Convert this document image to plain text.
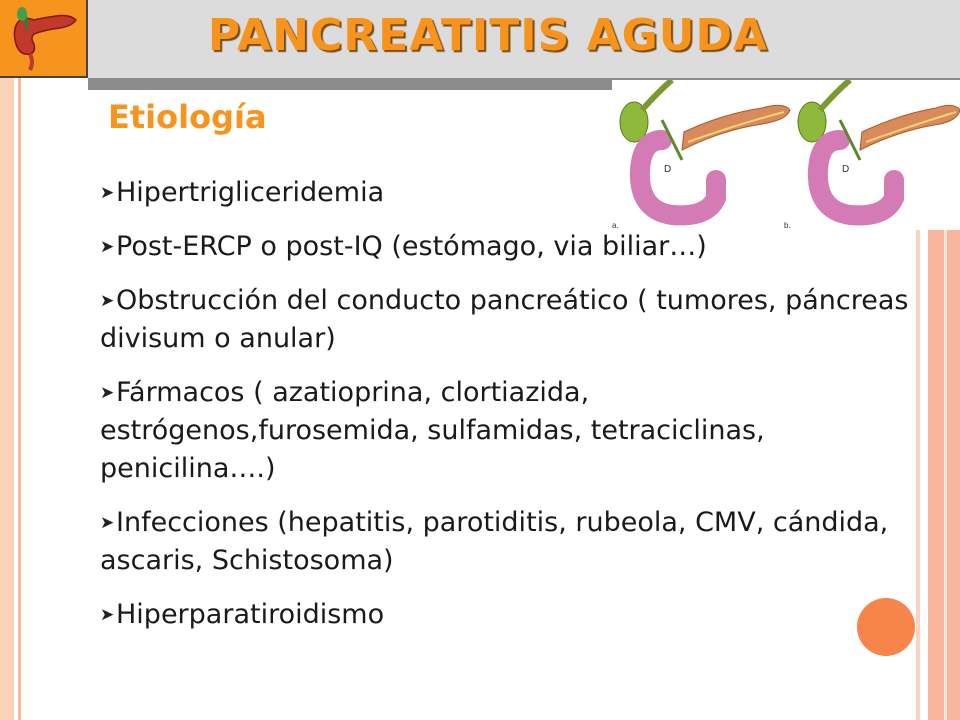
PANCREATITIS AGUDA
Etiología
D
a.
D
b.
➤Hipertrigliceridemia
➤Post-ERCP o post-IQ (estómago, via biliar…)
➤Obstrucción del conducto pancreático ( tumores, páncreas divisum o anular)
➤Fármacos ( azatioprina, clortiazida, estrógenos,furosemida, sulfamidas, tetraciclinas, penicilina….)
➤Infecciones (hepatitis, parotiditis, rubeola, CMV, cándida, ascaris, Schistosoma)
➤Hiperparatiroidismo
